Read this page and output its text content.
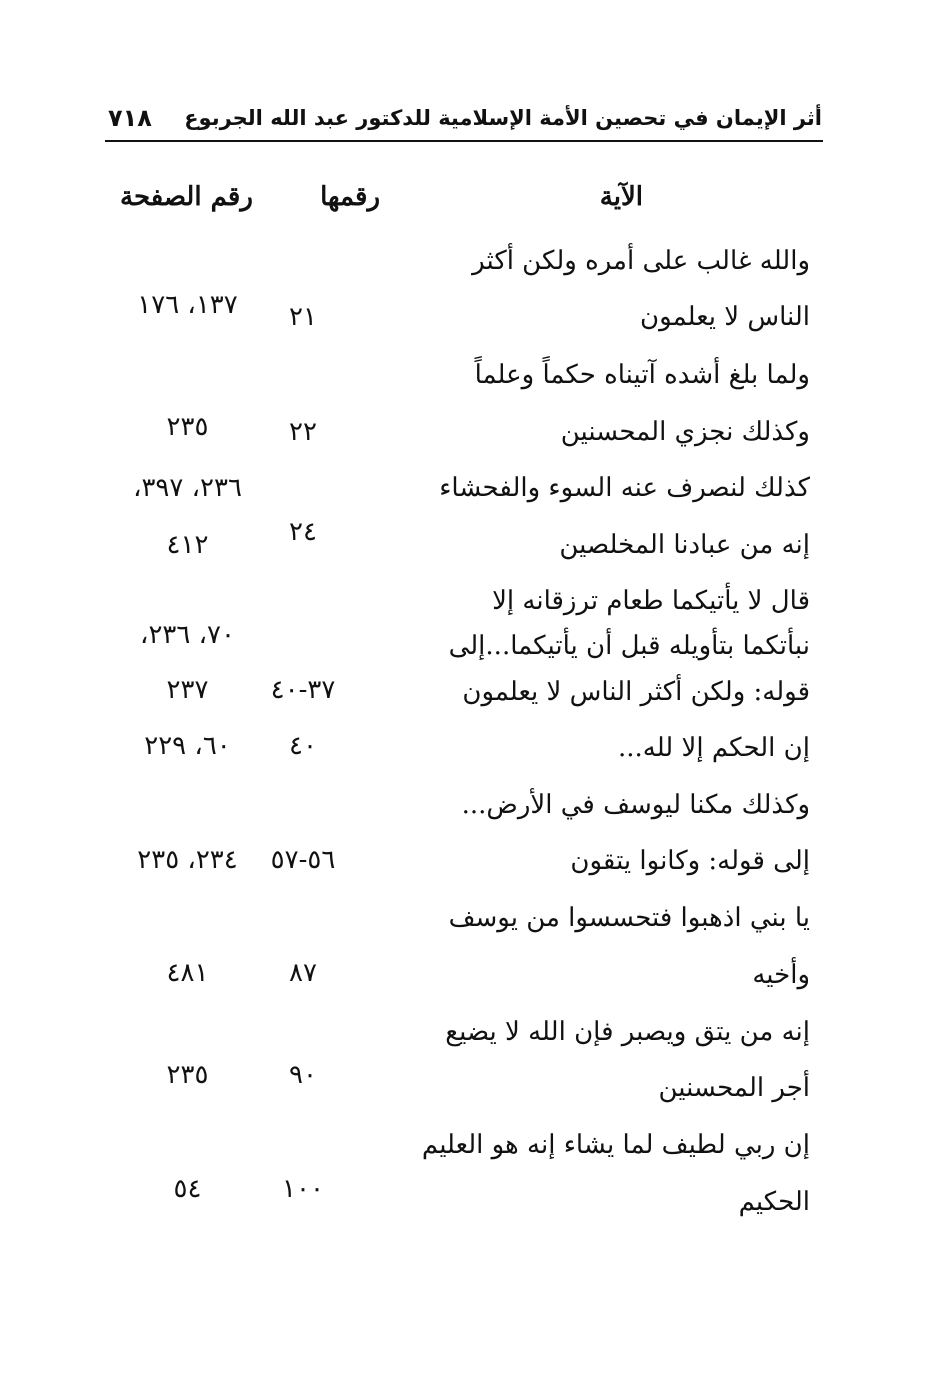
أثر الإيمان في تحصين الأمة الإسلامية للدكتور عبد الله الجربوع
٧١٨
الآية
رقمها
رقم الصفحة
والله غالب على أمره ولكن أكثر
الناس لا يعلمون
٢١
١٣٧، ١٧٦
ولما بلغ أشده آتيناه حكماً وعلماً
وكذلك نجزي المحسنين
٢٢
٢٣٥
كذلك لنصرف عنه السوء والفحشاء
إنه من عبادنا المخلصين
٢٤
٢٣٦، ٣٩٧،
٤١٢
قال لا يأتيكما طعام ترزقانه إلا
نبأتكما بتأويله قبل أن يأتيكما...إلى
قوله: ولكن أكثر الناس لا يعلمون
٣٧-٤٠
٧٠، ٢٣٦،
٢٣٧
إن الحكم إلا لله...
٤٠
٦٠، ٢٢٩
وكذلك مكنا ليوسف في الأرض...
إلى قوله: وكانوا يتقون
٥٦-٥٧
٢٣٤، ٢٣٥
يا بني اذهبوا فتحسسوا من يوسف
وأخيه
٨٧
٤٨١
إنه من يتق ويصبر فإن الله لا يضيع
أجر المحسنين
٩٠
٢٣٥
إن ربي لطيف لما يشاء إنه هو العليم
الحكيم
١٠٠
٥٤
